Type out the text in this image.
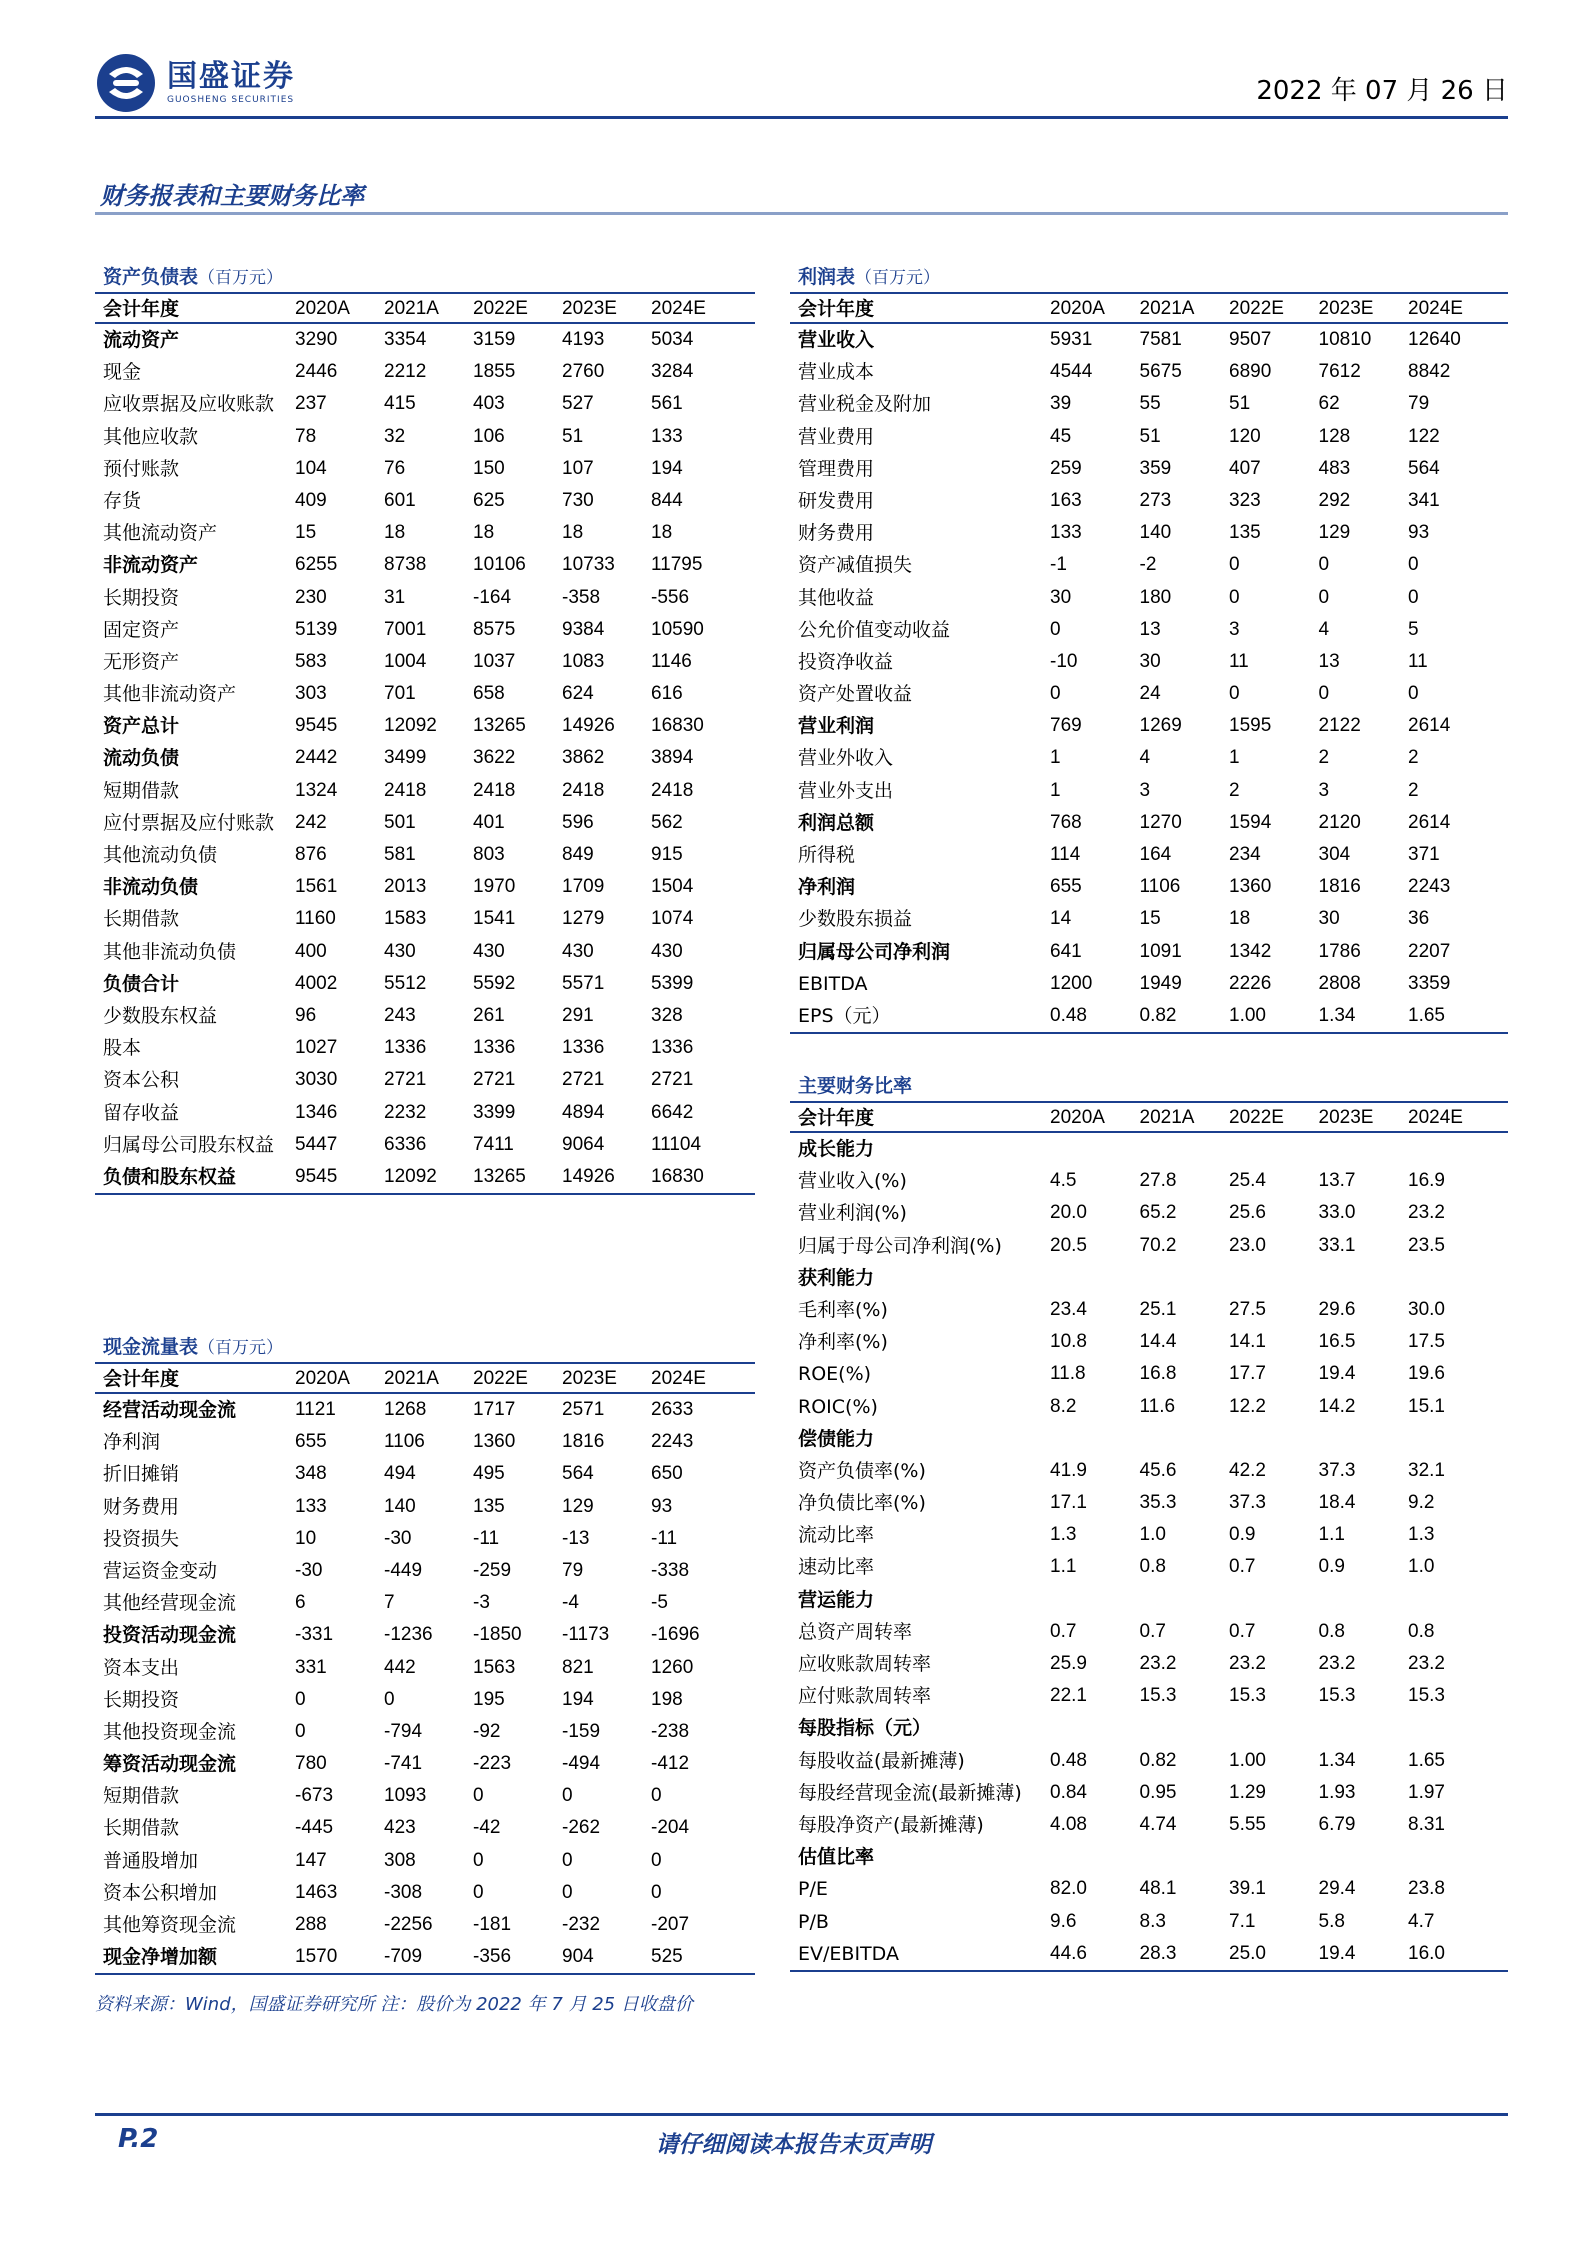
国盛证券
GUOSHENG SECURITIES	2022 年 07 月 26 日
财务报表和主要财务比率
资产负债表（百万元）
会计年度	2020A	2021A	2022E	2023E	2024E
流动资产	3290	3354	3159	4193	5034
现金	2446	2212	1855	2760	3284
应收票据及应收账款	237	415	403	527	561
其他应收款	78	32	106	51	133
预付账款	104	76	150	107	194
存货	409	601	625	730	844
其他流动资产	15	18	18	18	18
非流动资产	6255	8738	10106	10733	11795
长期投资	230	31	-164	-358	-556
固定资产	5139	7001	8575	9384	10590
无形资产	583	1004	1037	1083	1146
其他非流动资产	303	701	658	624	616
资产总计	9545	12092	13265	14926	16830
流动负债	2442	3499	3622	3862	3894
短期借款	1324	2418	2418	2418	2418
应付票据及应付账款	242	501	401	596	562
其他流动负债	876	581	803	849	915
非流动负债	1561	2013	1970	1709	1504
长期借款	1160	1583	1541	1279	1074
其他非流动负债	400	430	430	430	430
负债合计	4002	5512	5592	5571	5399
少数股东权益	96	243	261	291	328
股本	1027	1336	1336	1336	1336
资本公积	3030	2721	2721	2721	2721
留存收益	1346	2232	3399	4894	6642
归属母公司股东权益	5447	6336	7411	9064	11104
负债和股东权益	9545	12092	13265	14926	16830
利润表（百万元）
会计年度	2020A	2021A	2022E	2023E	2024E
营业收入	5931	7581	9507	10810	12640
营业成本	4544	5675	6890	7612	8842
营业税金及附加	39	55	51	62	79
营业费用	45	51	120	128	122
管理费用	259	359	407	483	564
研发费用	163	273	323	292	341
财务费用	133	140	135	129	93
资产减值损失	-1	-2	0	0	0
其他收益	30	180	0	0	0
公允价值变动收益	0	13	3	4	5
投资净收益	-10	30	11	13	11
资产处置收益	0	24	0	0	0
营业利润	769	1269	1595	2122	2614
营业外收入	1	4	1	2	2
营业外支出	1	3	2	3	2
利润总额	768	1270	1594	2120	2614
所得税	114	164	234	304	371
净利润	655	1106	1360	1816	2243
少数股东损益	14	15	18	30	36
归属母公司净利润	641	1091	1342	1786	2207
EBITDA	1200	1949	2226	2808	3359
EPS（元）	0.48	0.82	1.00	1.34	1.65
主要财务比率
会计年度	2020A	2021A	2022E	2023E	2024E
成长能力
营业收入(%)	4.5	27.8	25.4	13.7	16.9
营业利润(%)	20.0	65.2	25.6	33.0	23.2
归属于母公司净利润(%)	20.5	70.2	23.0	33.1	23.5
获利能力
毛利率(%)	23.4	25.1	27.5	29.6	30.0
净利率(%)	10.8	14.4	14.1	16.5	17.5
ROE(%)	11.8	16.8	17.7	19.4	19.6
ROIC(%)	8.2	11.6	12.2	14.2	15.1
偿债能力
资产负债率(%)	41.9	45.6	42.2	37.3	32.1
净负债比率(%)	17.1	35.3	37.3	18.4	9.2
流动比率	1.3	1.0	0.9	1.1	1.3
速动比率	1.1	0.8	0.7	0.9	1.0
营运能力
总资产周转率	0.7	0.7	0.7	0.8	0.8
应收账款周转率	25.9	23.2	23.2	23.2	23.2
应付账款周转率	22.1	15.3	15.3	15.3	15.3
每股指标（元）
每股收益(最新摊薄)	0.48	0.82	1.00	1.34	1.65
每股经营现金流(最新摊薄)	0.84	0.95	1.29	1.93	1.97
每股净资产(最新摊薄)	4.08	4.74	5.55	6.79	8.31
估值比率
P/E	82.0	48.1	39.1	29.4	23.8
P/B	9.6	8.3	7.1	5.8	4.7
EV/EBITDA	44.6	28.3	25.0	19.4	16.0
现金流量表（百万元）
会计年度	2020A	2021A	2022E	2023E	2024E
经营活动现金流	1121	1268	1717	2571	2633
净利润	655	1106	1360	1816	2243
折旧摊销	348	494	495	564	650
财务费用	133	140	135	129	93
投资损失	10	-30	-11	-13	-11
营运资金变动	-30	-449	-259	79	-338
其他经营现金流	6	7	-3	-4	-5
投资活动现金流	-331	-1236	-1850	-1173	-1696
资本支出	331	442	1563	821	1260
长期投资	0	0	195	194	198
其他投资现金流	0	-794	-92	-159	-238
筹资活动现金流	780	-741	-223	-494	-412
短期借款	-673	1093	0	0	0
长期借款	-445	423	-42	-262	-204
普通股增加	147	308	0	0	0
资本公积增加	1463	-308	0	0	0
其他筹资现金流	288	-2256	-181	-232	-207
现金净增加额	1570	-709	-356	904	525
资料来源：Wind，国盛证券研究所 注：股价为 2022 年 7 月 25 日收盘价
P.2	请仔细阅读本报告末页声明
